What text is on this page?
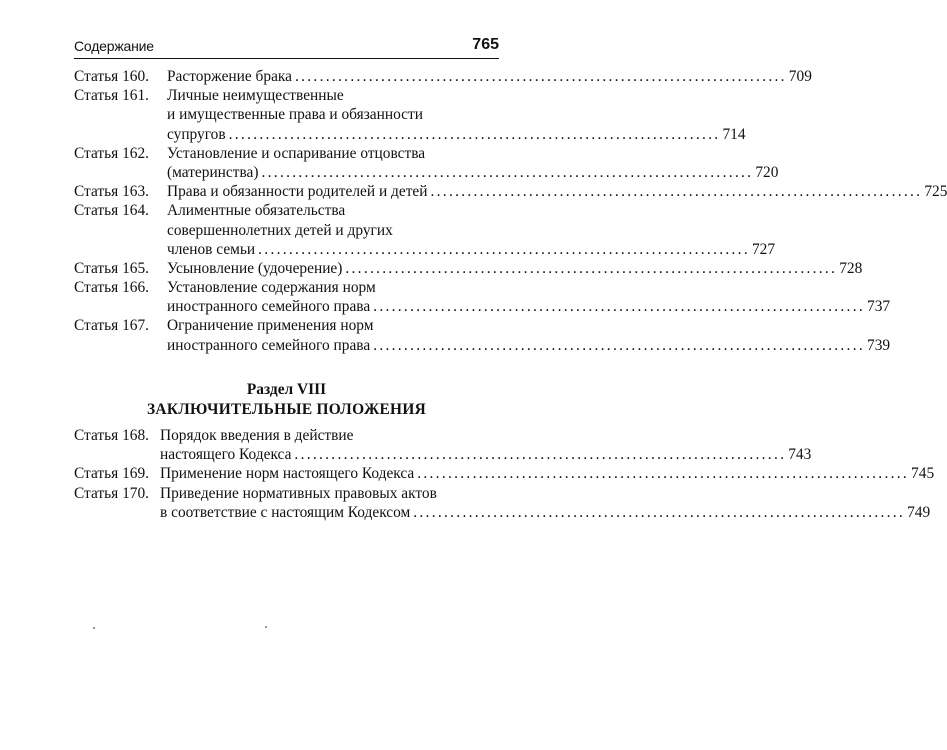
Содержание	765
Статья 160. Расторжение брака ................................................................................ 709
Статья 161. Личные неимущественные
и имущественные права и обязанности
супругов ................................................................................ 714
Статья 162. Установление и оспаривание отцовства
(материнства) ................................................................................ 720
Статья 163. Права и обязанности родителей и детей ................................................................................ 725
Статья 164. Алиментные обязательства
совершеннолетних детей и других
членов семьи ................................................................................ 727
Статья 165. Усыновление (удочерение) ................................................................................ 728
Статья 166. Установление содержания норм
иностранного семейного права ................................................................................ 737
Статья 167. Ограничение применения норм
иностранного семейного права ................................................................................ 739
Раздел VIII
ЗАКЛЮЧИТЕЛЬНЫЕ ПОЛОЖЕНИЯ
Статья 168. Порядок введения в действие
настоящего Кодекса ................................................................................ 743
Статья 169. Применение норм настоящего Кодекса ................................................................................ 745
Статья 170. Приведение нормативных правовых актов
в соответствие с настоящим Кодексом ................................................................................ 749
